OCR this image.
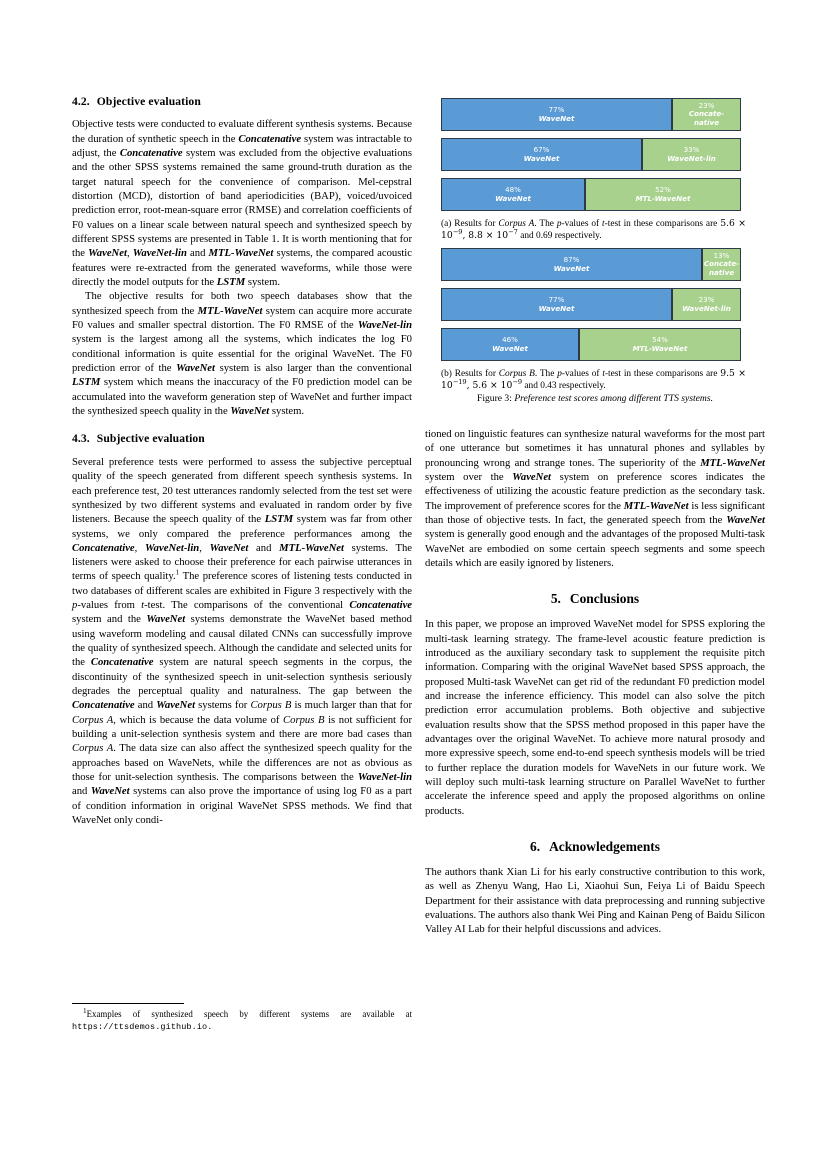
4.2. Objective evaluation

Objective tests were conducted to evaluate different synthesis systems. Because the duration of synthetic speech in the Concatenative system was intractable to adjust, the Concatenative system was excluded from the objective evaluations and the other SPSS systems remained the same ground-truth duration as the target natural speech for the convenience of comparison. Mel-cepstral distortion (MCD), distortion of band aperiodicities (BAP), voiced/uvoiced prediction error, root-mean-square error (RMSE) and correlation coefficients of F0 values on a linear scale between natural speech and synthesized speech by different SPSS systems are presented in Table 1. It is worth mentioning that for the WaveNet, WaveNet-lin and MTL-WaveNet systems, the compared acoustic features were re-extracted from the generated waveforms, while those were directly the model outputs for the LSTM system.

The objective results for both two speech databases show that the synthesized speech from the MTL-WaveNet system can acquire more accurate F0 values and smaller spectral distortion. The F0 RMSE of the WaveNet-lin system is the largest among all the systems, which indicates the log F0 conditional information is quite essential for the original WaveNet. The F0 prediction error of the WaveNet system is also larger than the conventional LSTM system which means the inaccuracy of the F0 prediction model can be accumulated into the waveform generation step of WaveNet and further impact the synthesized speech quality in the WaveNet system.

4.3. Subjective evaluation

Several preference tests were performed to assess the subjective perceptual quality of the speech generated from different speech synthesis systems. In each preference test, 20 test utterances randomly selected from the test set were synthesized by two different systems and evaluated in random order by five listeners. Because the speech quality of the LSTM system was far from other systems, we only compared the preference performances among the Concatenative, WaveNet-lin, WaveNet and MTL-WaveNet systems. The listeners were asked to choose their preference for each pairwise utterances in terms of speech quality.$^1$ The preference scores of listening tests conducted in two databases of different scales are exhibited in Figure 3 respectively with the p-values from t-test. The comparisons of the conventional Concatenative system and the WaveNet systems demonstrate the WaveNet based method using waveform modeling and causal dilated CNNs can successfully improve the quality of synthesized speech. Although the candidate and selected units for the Concatenative system are natural speech segments in the corpus, the discontinuity of the synthesized speech in unit-selection synthesis seriously degrades the perceptual quality and naturalness. The gap between the Concatenative and WaveNet systems for Corpus B is much larger than that for Corpus A, which is because the data volume of Corpus B is not sufficient for building a unit-selection synthesis system and there are more bad cases than Corpus A. The data size can also affect the synthesized speech quality for the approaches based on WaveNets, while the differences are not as obvious as those for unit-selection synthesis. The comparisons between the WaveNet-lin and WaveNet systems can also prove the importance of using log F0 as a part of condition information in original WaveNet SPSS methods. We find that WaveNet only condi-

$^1$Examples of synthesized speech by different systems are available at https://ttsdemos.github.io.

77%
WaveNet
23%
Concate-
native
67%
WaveNet
33%
WaveNet-lin
48%
WaveNet
52%
MTL-WaveNet

(a) Results for Corpus A. The p-values of t-test in these comparisons are $5.6 \times 10^{-9}$, $8.8 \times 10^{-7}$ and 0.69 respectively.

87%
WaveNet
13%
Concate-
native
77%
WaveNet
23%
WaveNet-lin
46%
WaveNet
54%
MTL-WaveNet

(b) Results for Corpus B. The p-values of t-test in these comparisons are $9.5 \times 10^{-19}$, $5.6 \times 10^{-9}$ and 0.43 respectively.

Figure 3: Preference test scores among different TTS systems.

tioned on linguistic features can synthesize natural waveforms for the most part of one utterance but sometimes it has unnatural phones and syllables by pronouncing wrong and strange tones. The superiority of the MTL-WaveNet system over the WaveNet system on preference scores indicates the effectiveness of utilizing the acoustic feature prediction as the secondary task. The improvement of preference scores for the MTL-WaveNet is less significant than those of objective tests. In fact, the generated speech from the WaveNet system is generally good enough and the advantages of the proposed Multi-task WaveNet are embodied on some certain speech segments and some speech details which are easily ignored by listeners.

5. Conclusions

In this paper, we propose an improved WaveNet model for SPSS exploring the multi-task learning strategy. The frame-level acoustic feature prediction is introduced as the auxiliary secondary task to supplement the requisite pitch information. Comparing with the original WaveNet based SPSS approach, the proposed Multi-task WaveNet can get rid of the redundant F0 prediction model and increase the inference efficiency. This model can also solve the pitch prediction error accumulation problems. Both objective and subjective evaluation results show that the SPSS method proposed in this paper have the advantages over the original WaveNet. To achieve more natural prosody and more expressive speech, some end-to-end speech synthesis models will be tried to further replace the duration models for WaveNets in our future work. We will deploy such multi-task learning structure on Parallel WaveNet to further accelerate the inference speed and apply the proposed algorithms on online products.

6. Acknowledgements

The authors thank Xian Li for his early constructive contribution to this work, as well as Zhenyu Wang, Hao Li, Xiaohui Sun, Feiya Li of Baidu Speech Department for their assistance with data preprocessing and running subjective evaluations. The authors also thank Wei Ping and Kainan Peng of Baidu Silicon Valley AI Lab for their helpful discussions and advices.
